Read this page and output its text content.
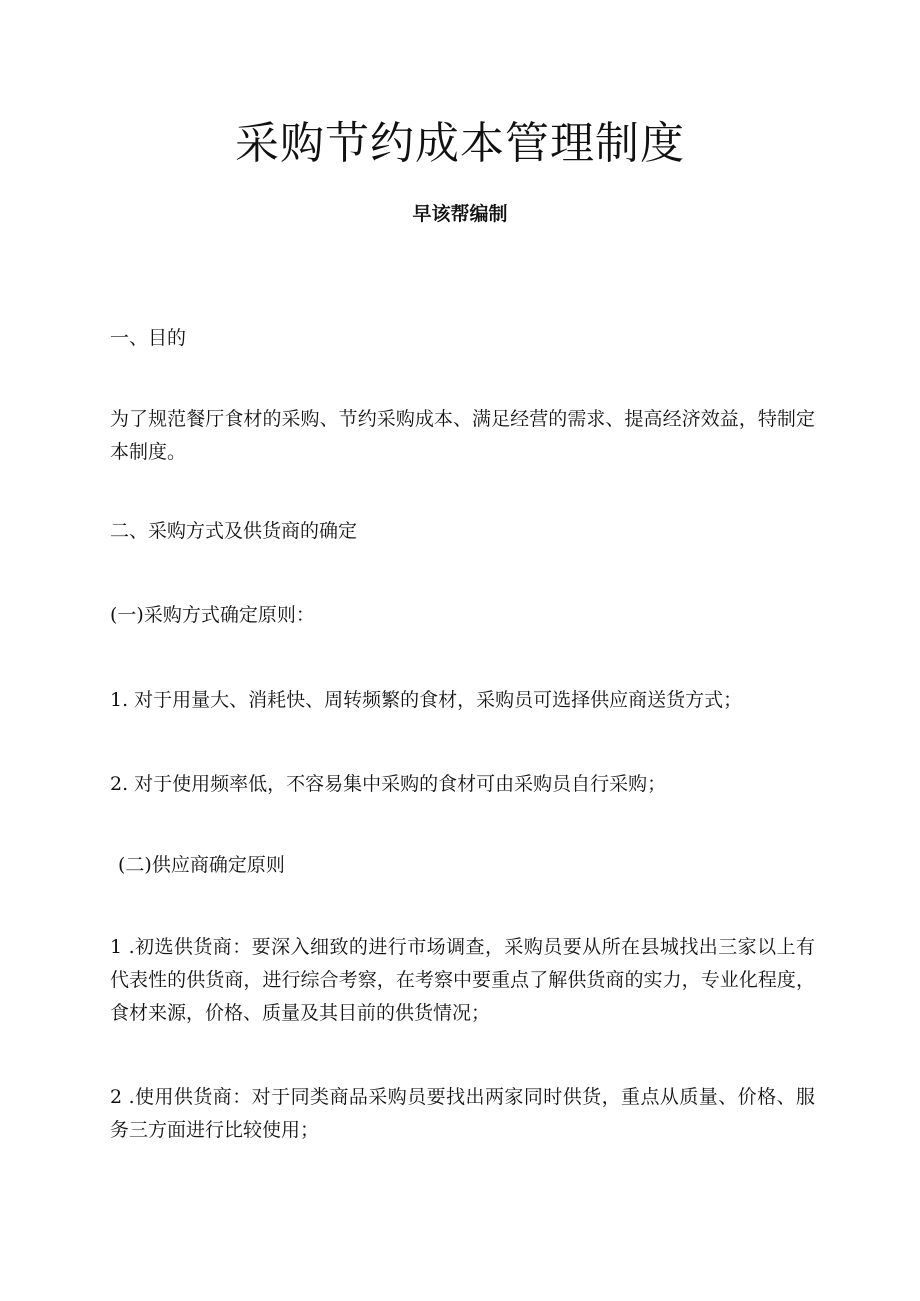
采购节约成本管理制度
早该帮编制

一、目的

为了规范餐厅食材的采购、节约采购成本、满足经营的需求、提高经济效益，特制定本制度。

二、采购方式及供货商的确定

(一)采购方式确定原则：

1. 对于用量大、消耗快、周转频繁的食材，采购员可选择供应商送货方式；

2. 对于使用频率低，不容易集中采购的食材可由采购员自行采购；

(二)供应商确定原则

1 .初选供货商：要深入细致的进行市场调查，采购员要从所在县城找出三家以上有代表性的供货商，进行综合考察，在考察中要重点了解供货商的实力，专业化程度，食材来源，价格、质量及其目前的供货情况；

2 .使用供货商：对于同类商品采购员要找出两家同时供货，重点从质量、价格、服务三方面进行比较使用；
